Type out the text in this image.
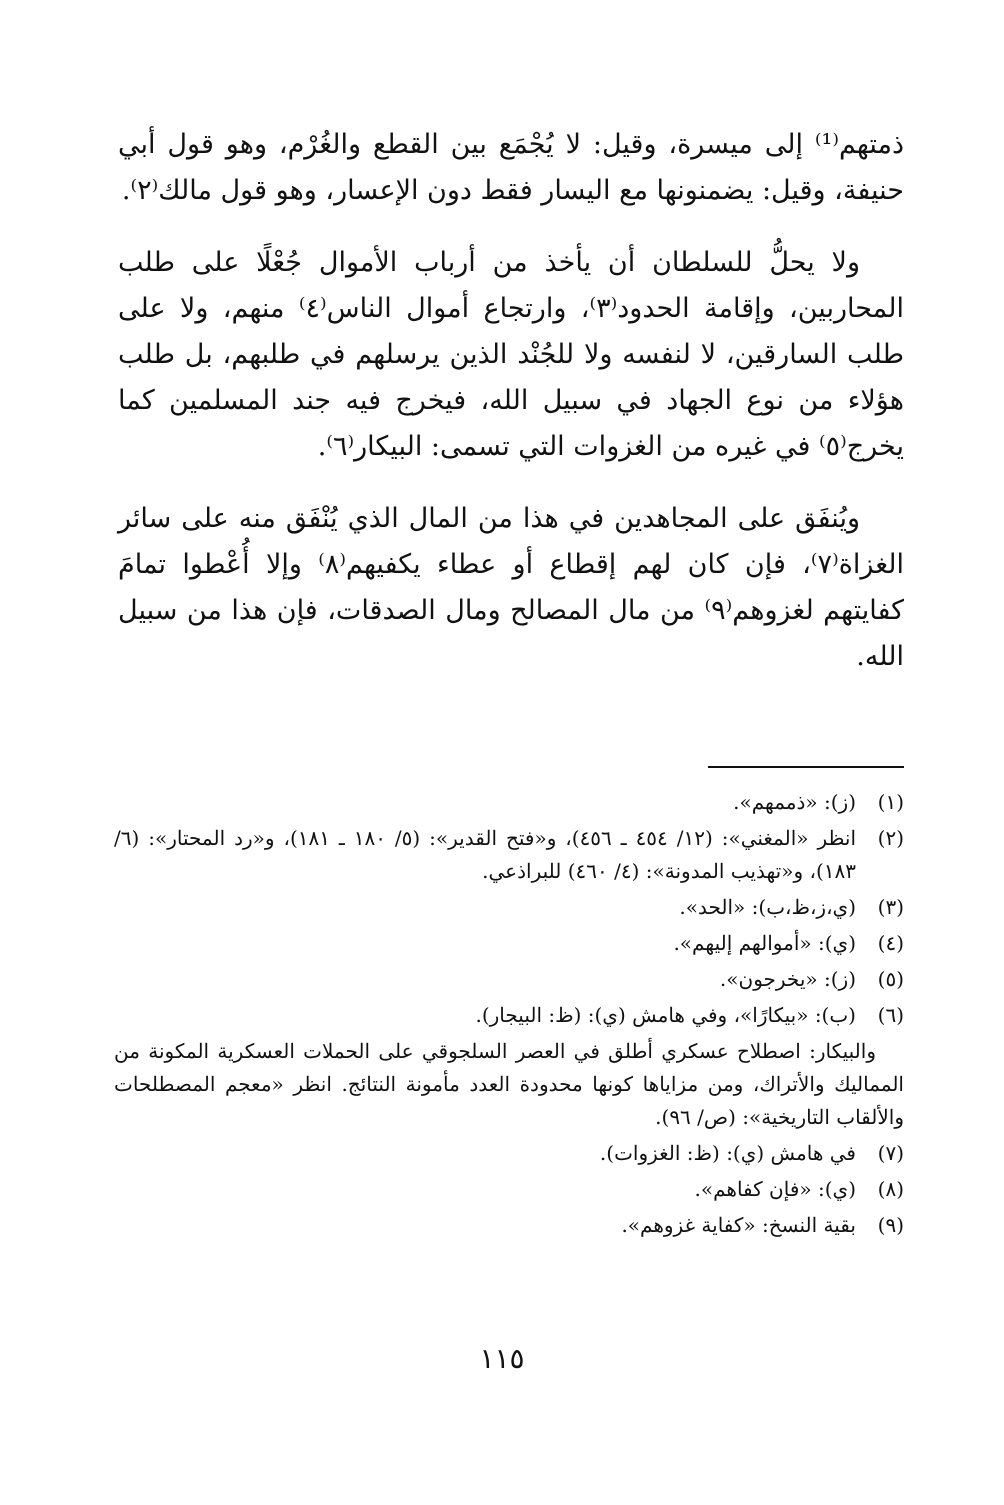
ذمتهم⁽¹⁾ إلى ميسرة، وقيل: لا يُجْمَع بين القطع والغُرْم، وهو قول أبي حنيفة، وقيل: يضمنونها مع اليسار فقط دون الإعسار، وهو قول مالك⁽٢⁾.

ولا يحلُّ للسلطان أن يأخذ من أرباب الأموال جُعْلًا على طلب المحاربين، وإقامة الحدود⁽٣⁾، وارتجاع أموال الناس⁽٤⁾ منهم، ولا على طلب السارقين، لا لنفسه ولا للجُنْد الذين يرسلهم في طلبهم، بل طلب هؤلاء من نوع الجهاد في سبيل الله، فيخرج فيه جند المسلمين كما يخرج⁽٥⁾ في غيره من الغزوات التي تسمى: البيكار⁽٦⁾.

ويُنفَق على المجاهدين في هذا من المال الذي يُنْفَق منه على سائر الغزاة⁽٧⁾، فإن كان لهم إقطاع أو عطاء يكفيهم⁽٨⁾ وإلا أُعْطوا تمامَ كفايتهم لغزوهم⁽٩⁾ من مال المصالح ومال الصدقات، فإن هذا من سبيل الله.

(١)
(ز): «ذممهم».
(٢)
انظر «المغني»: (١٢/ ٤٥٤ ـ ٤٥٦)، و«فتح القدير»: (٥/ ١٨٠ ـ ١٨١)، و«رد المحتار»: (٦/ ١٨٣)، و«تهذيب المدونة»: (٤/ ٤٦٠) للبراذعي.
(٣)
(ي،ز،ظ،ب): «الحد».
(٤)
(ي): «أموالهم إليهم».
(٥)
(ز): «يخرجون».
(٦)
(ب): «بيكارًا»، وفي هامش (ي): (ظ: البيجار).

والبيكار: اصطلاح عسكري أطلق في العصر السلجوقي على الحملات العسكرية المكونة من المماليك والأتراك، ومن مزاياها كونها محدودة العدد مأمونة النتائج. انظر «معجم المصطلحات والألقاب التاريخية»: (ص/ ٩٦).

(٧)
في هامش (ي): (ظ: الغزوات).
(٨)
(ي): «فإن كفاهم».
(٩)
بقية النسخ: «كفاية غزوهم».
١١٥
